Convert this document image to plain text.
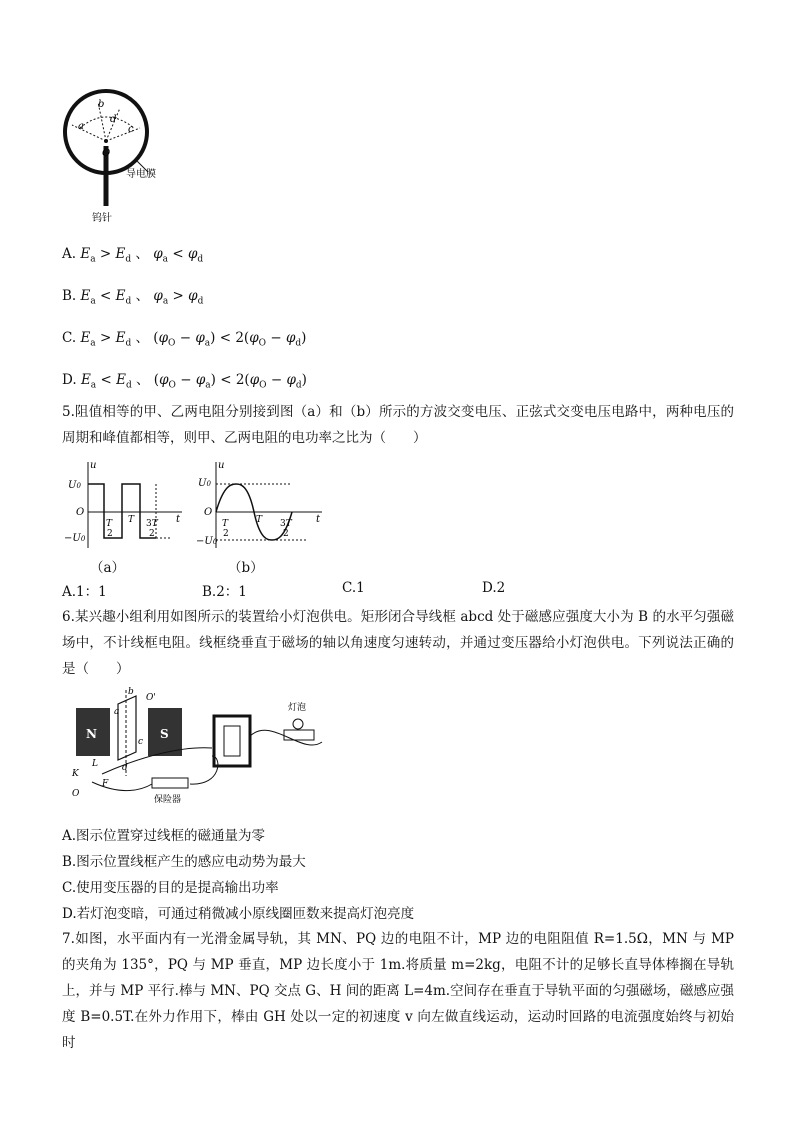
a
b
d
c
O
导电膜
钨针
A. $E_a > E_d$ 、 $\varphi_a < \varphi_d$
B. $E_a < E_d$ 、 $\varphi_a > \varphi_d$
C. $E_a > E_d$ 、 $(\varphi_O - \varphi_a) < 2(\varphi_O - \varphi_d)$
D. $E_a < E_d$ 、 $(\varphi_O - \varphi_a) < 2(\varphi_O - \varphi_d)$
5.阻值相等的甲、乙两电阻分别接到图（a）和（b）所示的方波交变电压、正弦式交变电压电路中，两种电压的周期和峰值都相等，则甲、乙两电阻的电功率之比为（　　）
u
t
U0
O
−U0
T
2
T 3T
2
（a）
u
t
U0
O
−U0
T
2
T 3T
2
（b）
A.1：1	B.2：1	C.1	D.2
6.某兴趣小组利用如图所示的装置给小灯泡供电。矩形闭合导线框 abcd 处于磁感应强度大小为 B 的水平匀强磁场中，不计线框电阻。线框绕垂直于磁场的轴以角速度匀速转动，并通过变压器给小灯泡供电。下列说法正确的是（　　）
N	S
b
a
c
d
O'
L
K
F
O
灯泡
保险器
A.图示位置穿过线框的磁通量为零
B.图示位置线框产生的感应电动势为最大
C.使用变压器的目的是提高输出功率
D.若灯泡变暗，可通过稍微减小原线圈匝数来提高灯泡亮度
7.如图，水平面内有一光滑金属导轨，其 MN、PQ 边的电阻不计，MP 边的电阻阻值 R=1.5Ω，MN 与 MP 的夹角为 135°，PQ 与 MP 垂直，MP 边长度小于 1m.将质量 m=2kg，电阻不计的足够长直导体棒搁在导轨上，并与 MP 平行.棒与 MN、PQ 交点 G、H 间的距离 L=4m.空间存在垂直于导轨平面的匀强磁场，磁感应强度 B=0.5T.在外力作用下，棒由 GH 处以一定的初速度 v 向左做直线运动，运动时回路的电流强度始终与初始时
